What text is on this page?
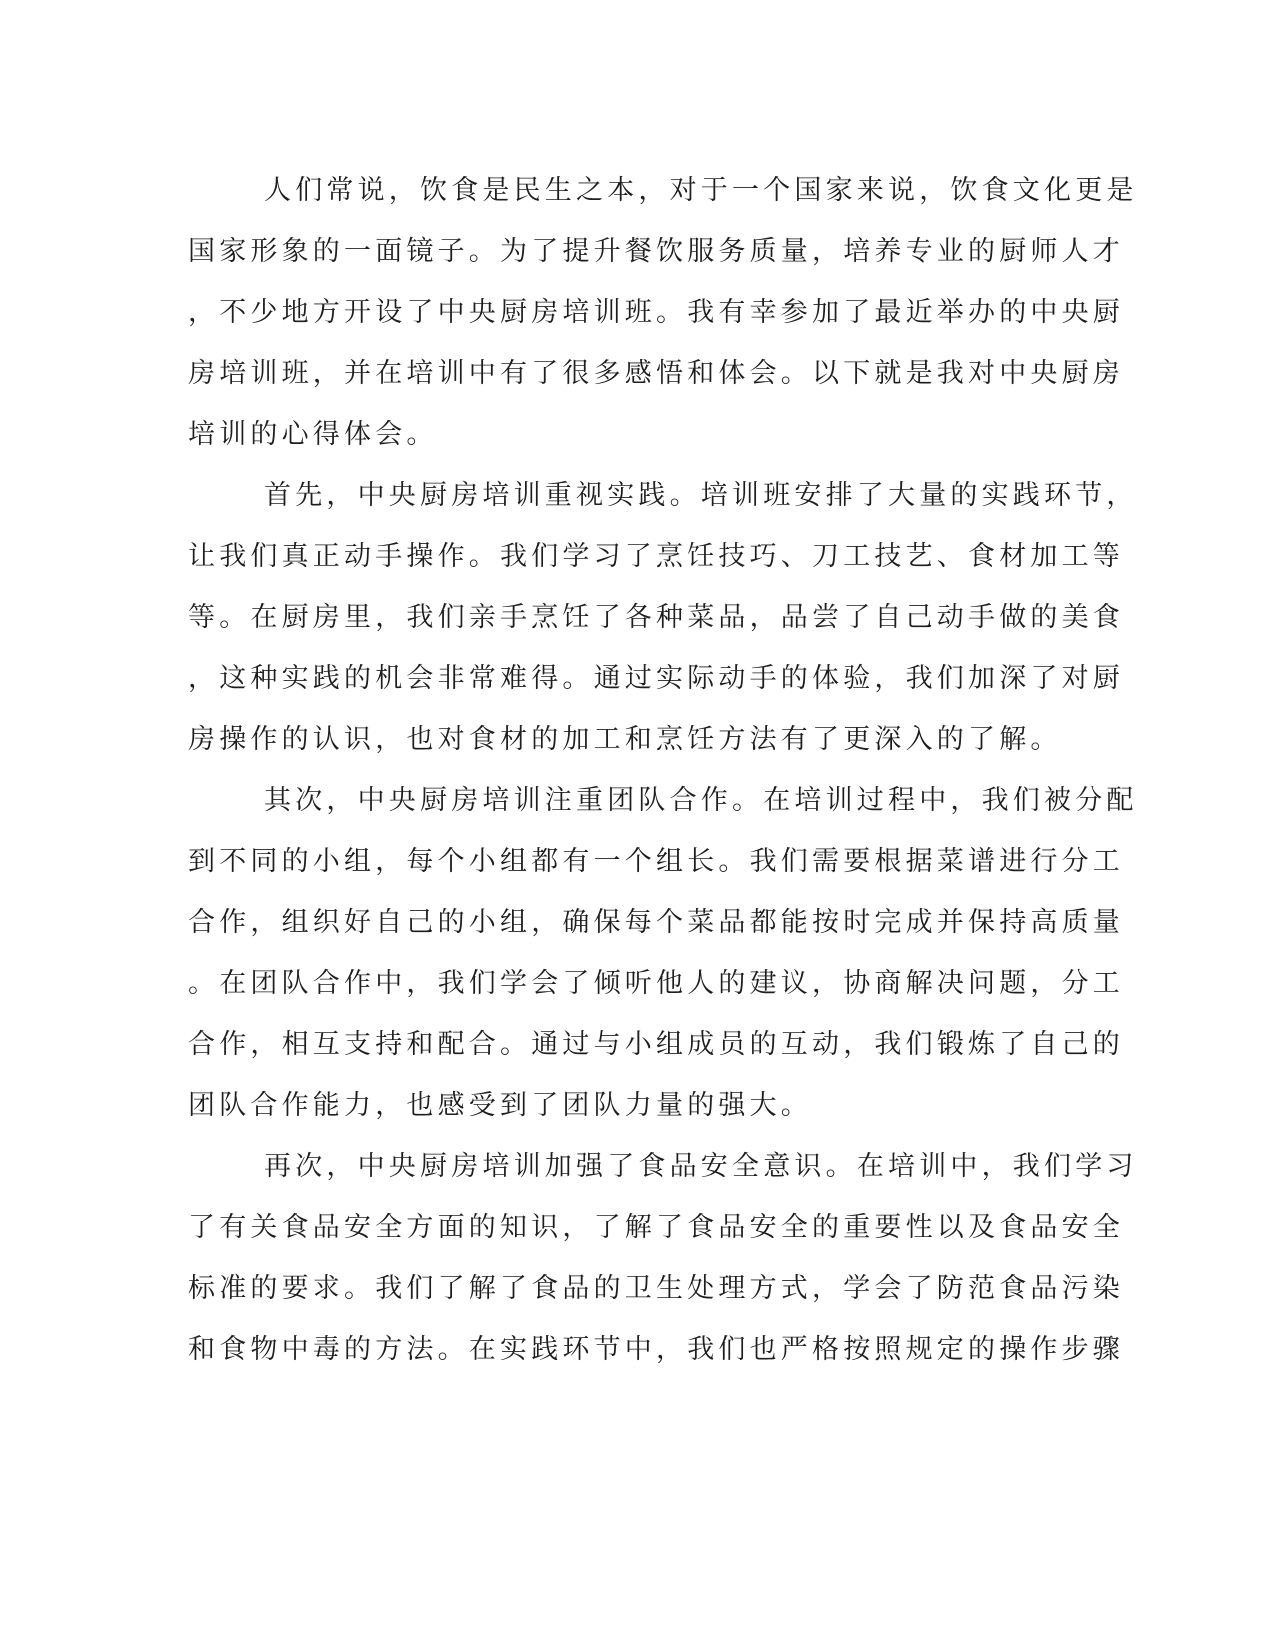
人们常说，饮食是民生之本，对于一个国家来说，饮食文化更是
国家形象的一面镜子。为了提升餐饮服务质量，培养专业的厨师人才
，不少地方开设了中央厨房培训班。我有幸参加了最近举办的中央厨
房培训班，并在培训中有了很多感悟和体会。以下就是我对中央厨房
培训的心得体会。
首先，中央厨房培训重视实践。培训班安排了大量的实践环节，
让我们真正动手操作。我们学习了烹饪技巧、刀工技艺、食材加工等
等。在厨房里，我们亲手烹饪了各种菜品，品尝了自己动手做的美食
，这种实践的机会非常难得。通过实际动手的体验，我们加深了对厨
房操作的认识，也对食材的加工和烹饪方法有了更深入的了解。
其次，中央厨房培训注重团队合作。在培训过程中，我们被分配
到不同的小组，每个小组都有一个组长。我们需要根据菜谱进行分工
合作，组织好自己的小组，确保每个菜品都能按时完成并保持高质量
。在团队合作中，我们学会了倾听他人的建议，协商解决问题，分工
合作，相互支持和配合。通过与小组成员的互动，我们锻炼了自己的
团队合作能力，也感受到了团队力量的强大。
再次，中央厨房培训加强了食品安全意识。在培训中，我们学习
了有关食品安全方面的知识，了解了食品安全的重要性以及食品安全
标准的要求。我们了解了食品的卫生处理方式，学会了防范食品污染
和食物中毒的方法。在实践环节中，我们也严格按照规定的操作步骤
